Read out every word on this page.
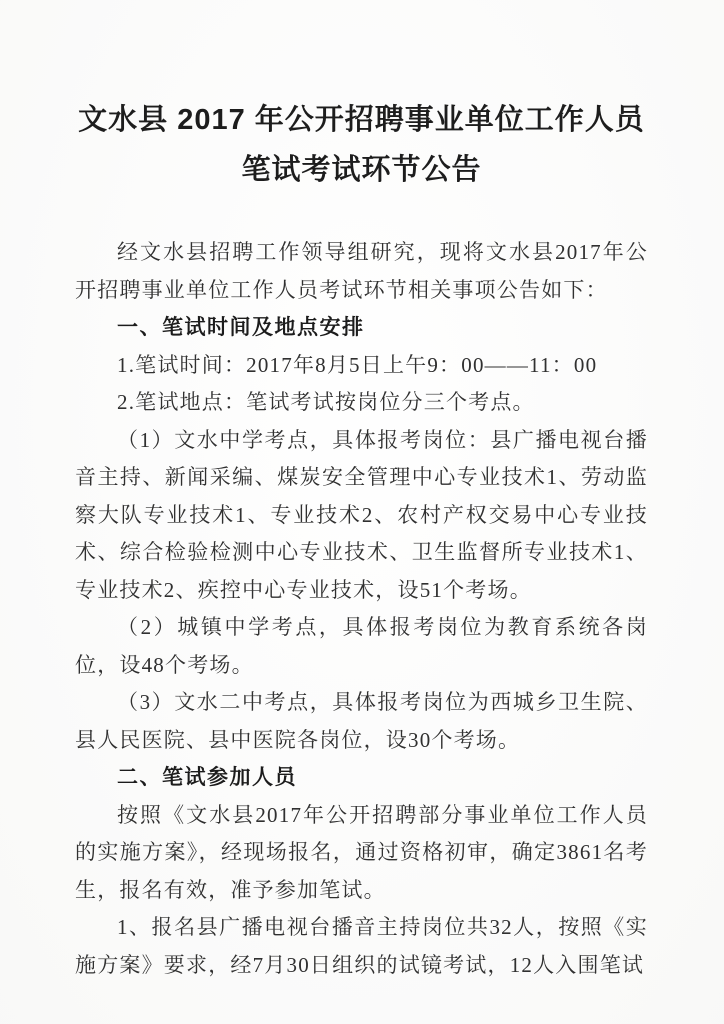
文水县 2017 年公开招聘事业单位工作人员
笔试考试环节公告

经文水县招聘工作领导组研究，现将文水县2017年公开招聘事业单位工作人员考试环节相关事项公告如下：

一、笔试时间及地点安排

1.笔试时间：2017年8月5日上午9：00——11：00

2.笔试地点：笔试考试按岗位分三个考点。

（1）文水中学考点，具体报考岗位：县广播电视台播音主持、新闻采编、煤炭安全管理中心专业技术1、劳动监察大队专业技术1、专业技术2、农村产权交易中心专业技术、综合检验检测中心专业技术、卫生监督所专业技术1、专业技术2、疾控中心专业技术，设51个考场。

（2）城镇中学考点，具体报考岗位为教育系统各岗位，设48个考场。

（3）文水二中考点，具体报考岗位为西城乡卫生院、县人民医院、县中医院各岗位，设30个考场。

二、笔试参加人员

按照《文水县2017年公开招聘部分事业单位工作人员的实施方案》，经现场报名，通过资格初审，确定3861名考生，报名有效，准予参加笔试。

1、报名县广播电视台播音主持岗位共32人，按照《实施方案》要求，经7月30日组织的试镜考试，12人入围笔试
